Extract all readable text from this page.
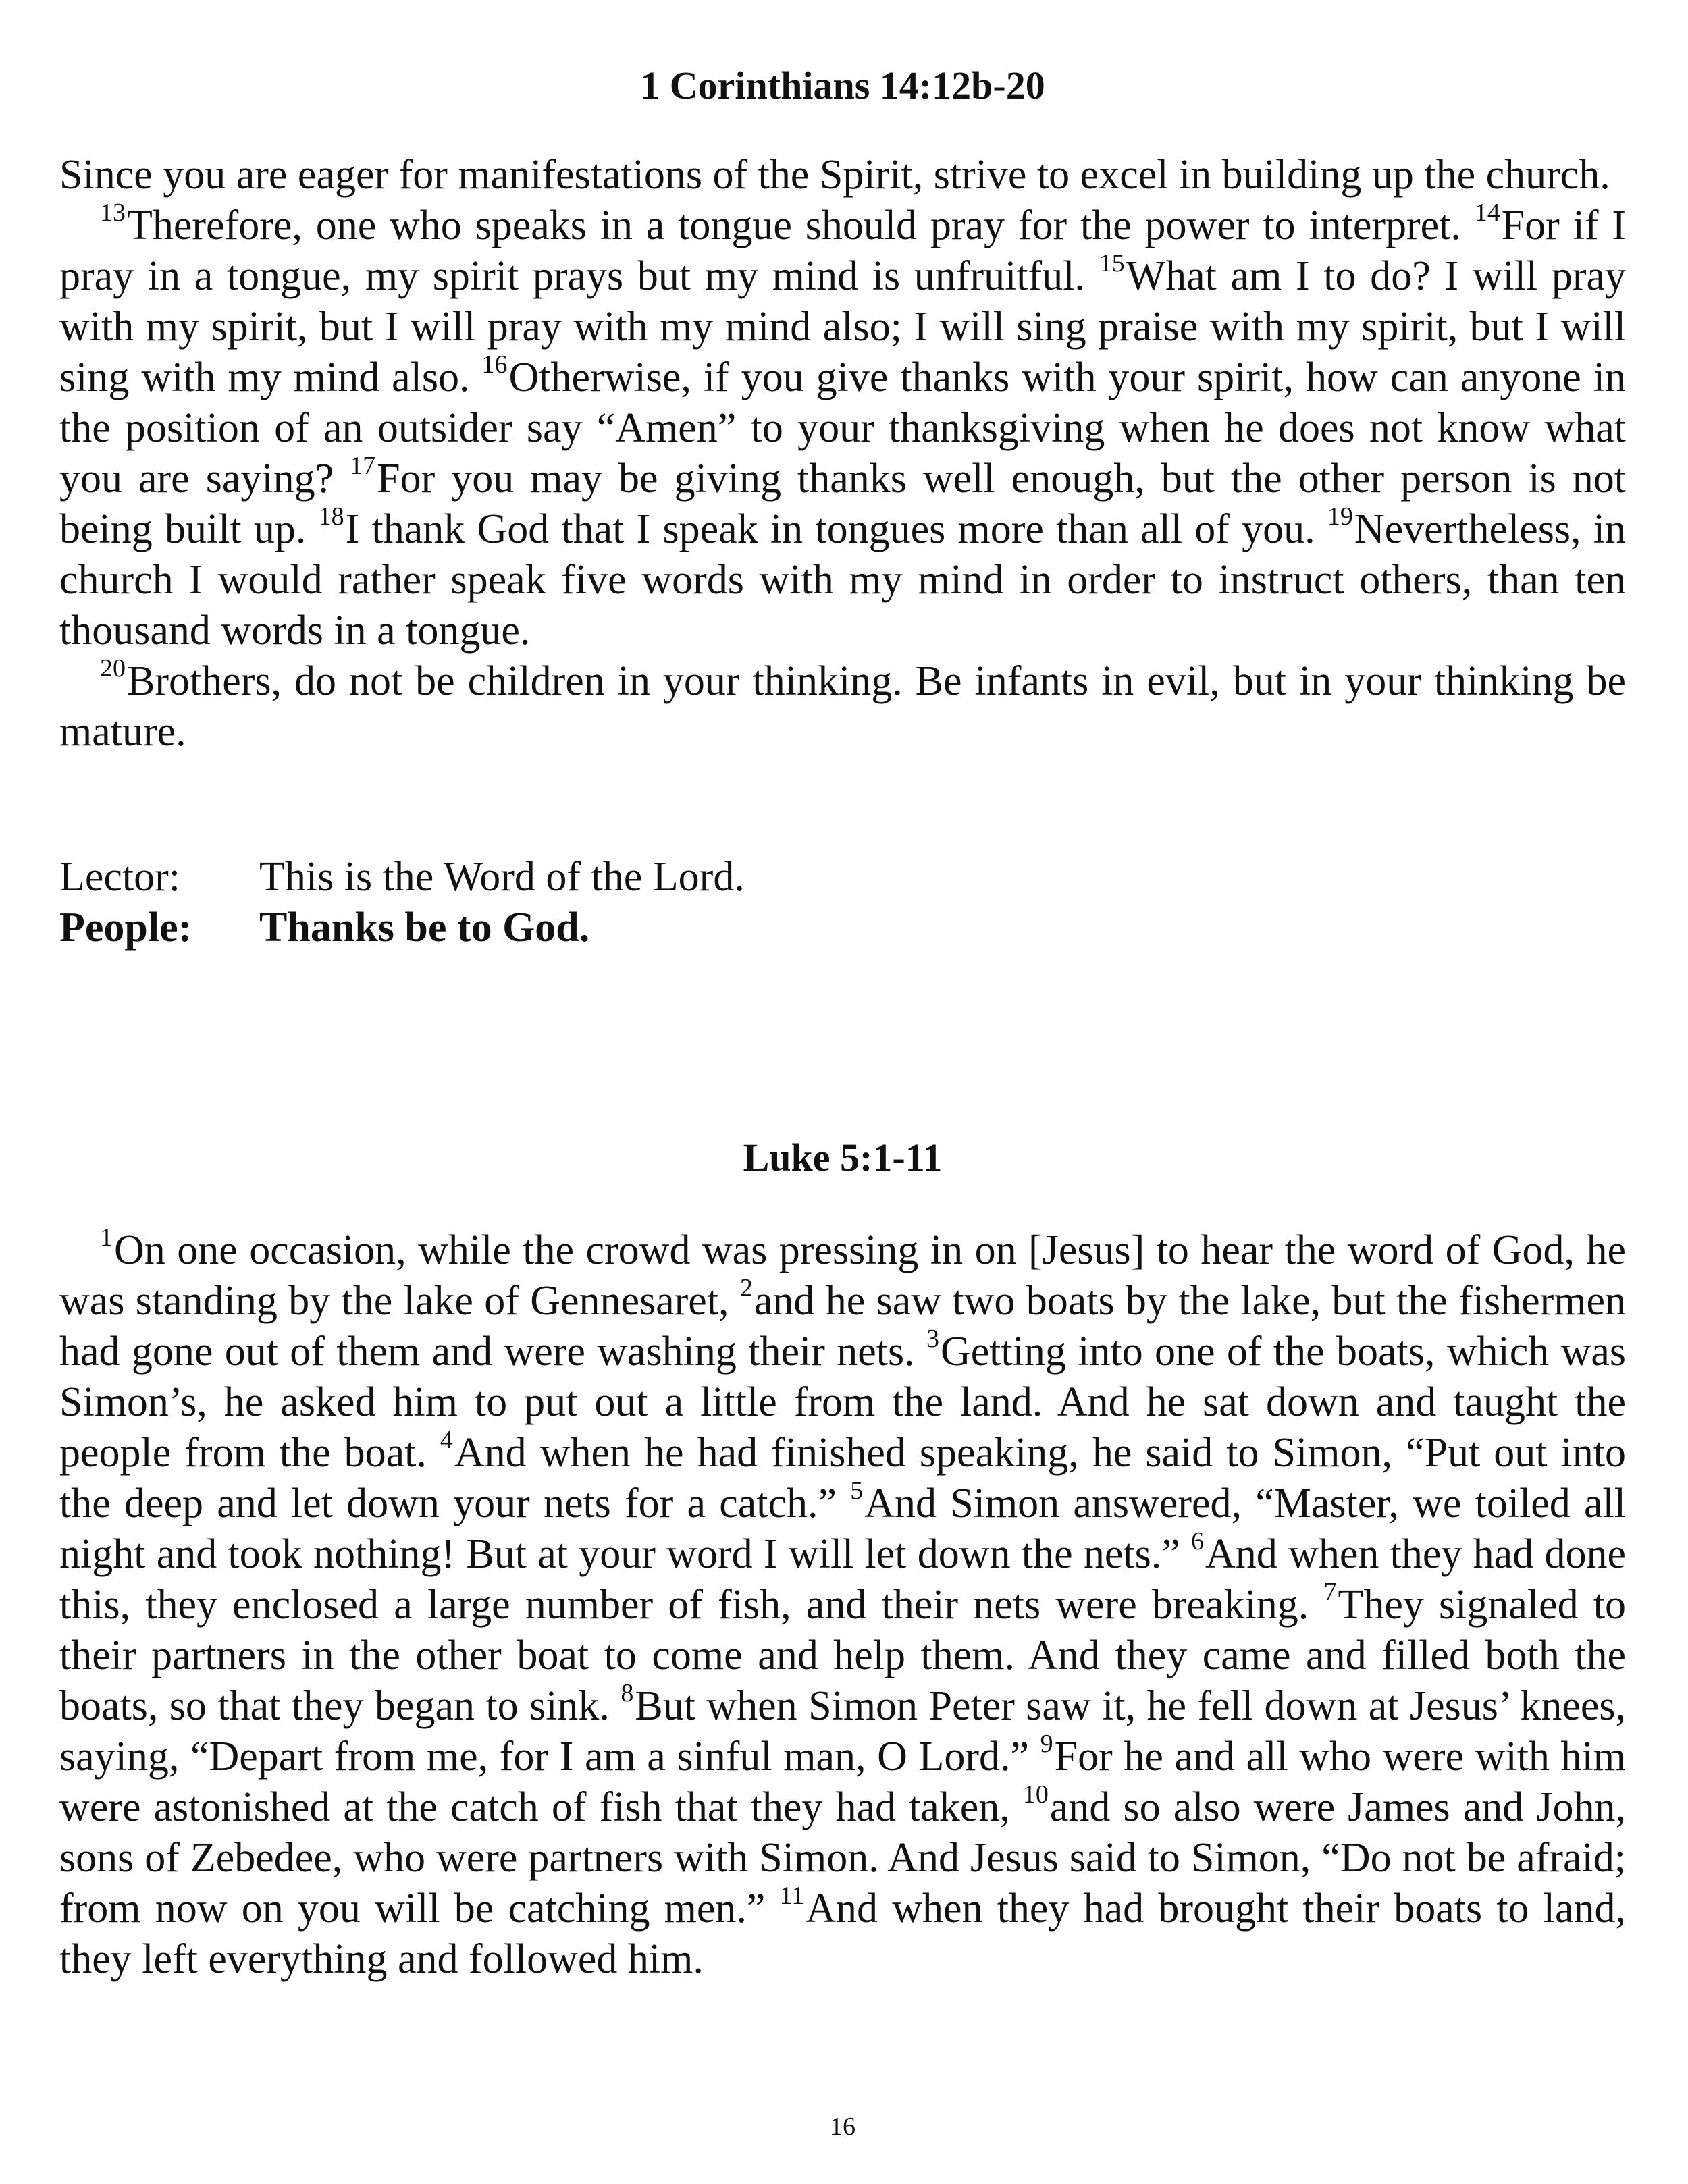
1 Corinthians 14:12b-20

Since you are eager for manifestations of the Spirit, strive to excel in building up the church.

$^{13}$Therefore, one who speaks in a tongue should pray for the power to interpret. $^{14}$For if I pray in a tongue, my spirit prays but my mind is unfruitful. $^{15}$What am I to do? I will pray with my spirit, but I will pray with my mind also; I will sing praise with my spirit, but I will sing with my mind also. $^{16}$Otherwise, if you give thanks with your spirit, how can anyone in the position of an outsider say “Amen” to your thanksgiving when he does not know what you are saying? $^{17}$For you may be giving thanks well enough, but the other person is not being built up. $^{18}$I thank God that I speak in tongues more than all of you. $^{19}$Nevertheless, in church I would rather speak five words with my mind in order to instruct others, than ten thousand words in a tongue.

$^{20}$Brothers, do not be children in your thinking. Be infants in evil, but in your thinking be mature.

Lector:	This is the Word of the Lord.
People:	Thanks be to God.
Luke 5:1-11

$^1$On one occasion, while the crowd was pressing in on [Jesus] to hear the word of God, he was standing by the lake of Gennesaret, $^2$and he saw two boats by the lake, but the fishermen had gone out of them and were washing their nets. $^3$Getting into one of the boats, which was Simon’s, he asked him to put out a little from the land. And he sat down and taught the people from the boat. $^4$And when he had finished speaking, he said to Simon, “Put out into the deep and let down your nets for a catch.” $^5$And Simon answered, “Master, we toiled all night and took nothing! But at your word I will let down the nets.” $^6$And when they had done this, they enclosed a large number of fish, and their nets were breaking. $^7$They signaled to their partners in the other boat to come and help them. And they came and filled both the boats, so that they began to sink. $^8$But when Simon Peter saw it, he fell down at Jesus’ knees, saying, “Depart from me, for I am a sinful man, O Lord.” $^9$For he and all who were with him were astonished at the catch of fish that they had taken, $^{10}$and so also were James and John, sons of Zebedee, who were partners with Simon. And Jesus said to Simon, “Do not be afraid; from now on you will be catching men.” $^{11}$And when they had brought their boats to land, they left everything and followed him.

16
